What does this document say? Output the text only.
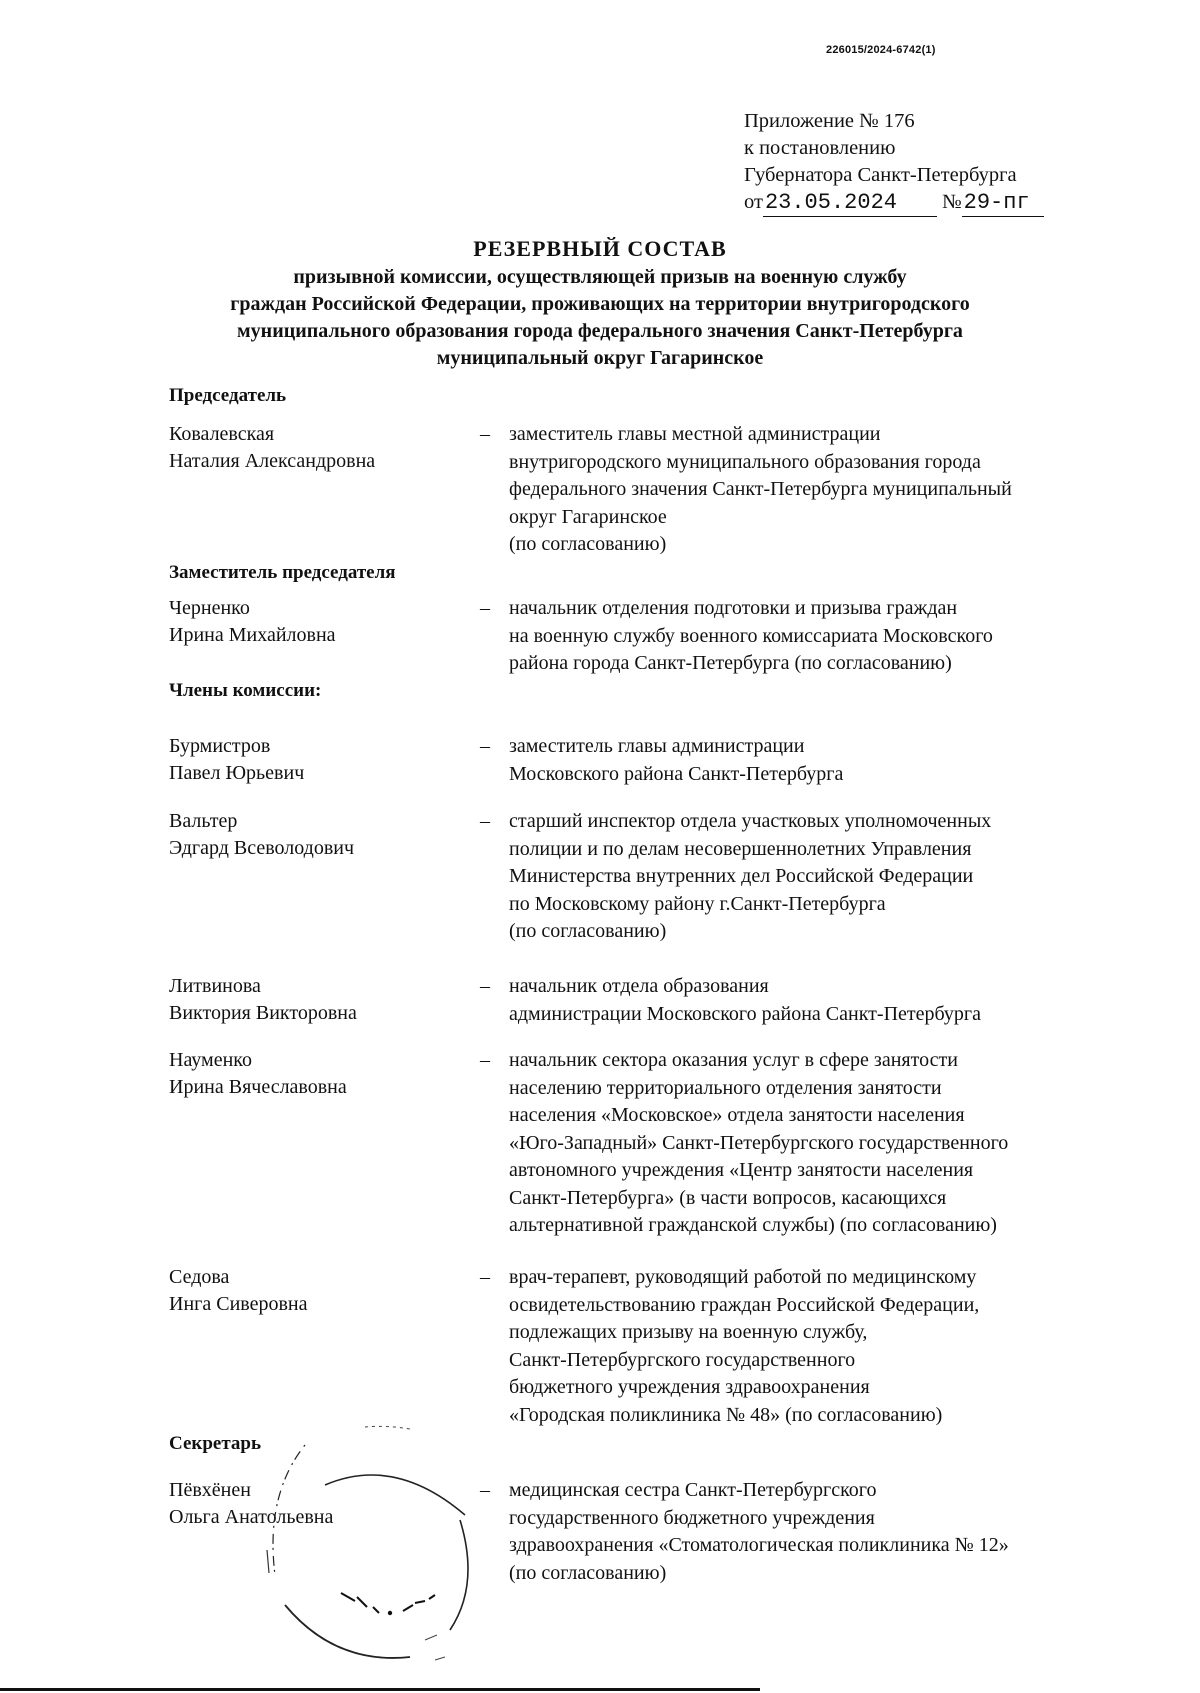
226015/2024-6742(1)
Приложение № 176
к постановлению
Губернатора Санкт-Петербурга
от23.05.2024 №29-пг
РЕЗЕРВНЫЙ СОСТАВ
призывной комиссии, осуществляющей призыв на военную службу
граждан Российской Федерации, проживающих на территории внутригородского
муниципального образования города федерального значения Санкт-Петербурга
муниципальный округ Гагаринское
Председатель
Ковалевская
Наталия Александровна
– заместитель главы местной администрации
внутригородского муниципального образования города
федерального значения Санкт-Петербурга муниципальный
округ Гагаринское
(по согласованию)
Заместитель председателя
Черненко
Ирина Михайловна
– начальник отделения подготовки и призыва граждан
на военную службу военного комиссариата Московского
района города Санкт-Петербурга (по согласованию)
Члены комиссии:
Бурмистров
Павел Юрьевич
– заместитель главы администрации
Московского района Санкт-Петербурга
Вальтер
Эдгард Всеволодович
– старший инспектор отдела участковых уполномоченных
полиции и по делам несовершеннолетних Управления
Министерства внутренних дел Российской Федерации
по Московскому району г.Санкт-Петербурга
(по согласованию)
Литвинова
Виктория Викторовна
– начальник отдела образования
администрации Московского района Санкт-Петербурга
Науменко
Ирина Вячеславовна
– начальник сектора оказания услуг в сфере занятости
населению территориального отделения занятости
населения «Московское» отдела занятости населения
«Юго-Западный» Санкт-Петербургского государственного
автономного учреждения «Центр занятости населения
Санкт-Петербурга» (в части вопросов, касающихся
альтернативной гражданской службы) (по согласованию)
Седова
Инга Сиверовна
– врач-терапевт, руководящий работой по медицинскому
освидетельствованию граждан Российской Федерации,
подлежащих призыву на военную службу,
Санкт-Петербургского государственного
бюджетного учреждения здравоохранения
«Городская поликлиника № 48» (по согласованию)
Секретарь
Пёвхёнен
Ольга Анатольевна
– медицинская сестра Санкт-Петербургского
государственного бюджетного учреждения
здравоохранения «Стоматологическая поликлиника № 12»
(по согласованию)
